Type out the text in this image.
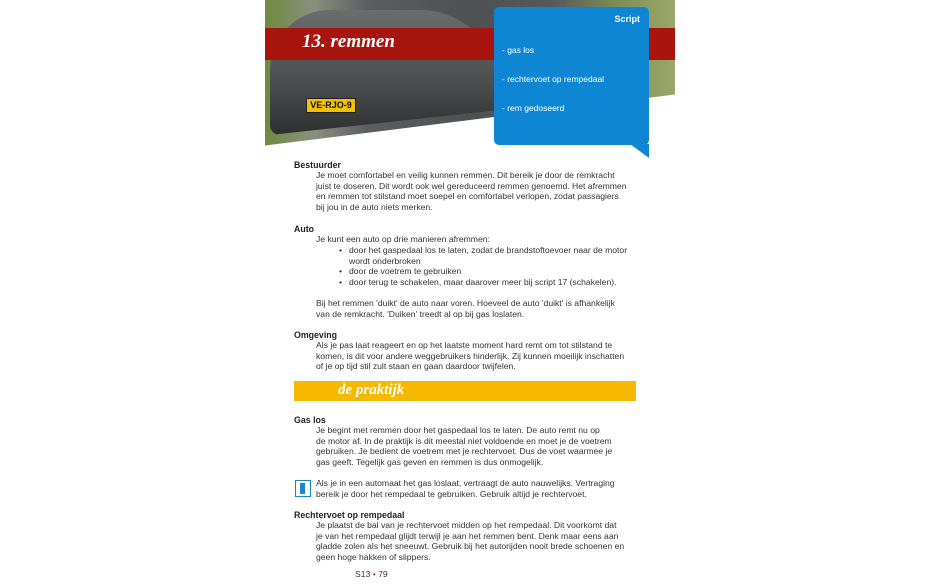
VE-RJO-9
13. remmen
Script
- gas los
- rechtervoet op rempedaal
- rem gedoseerd
Bestuurder
Je moet comfortabel en veilig kunnen remmen. Dit bereik je door de remkracht
juist te doseren. Dit wordt ook wel gereduceerd remmen genoemd. Het afremmen
en remmen tot stilstand moet soepel en comfortabel verlopen, zodat passagiers
bij jou in de auto niets merken.
Auto
Je kunt een auto op drie manieren afremmen:
• door het gaspedaal los te laten, zodat de brandstoftoevoer naar de motor
wordt onderbroken
• door de voetrem te gebruiken
• door terug te schakelen, maar daarover meer bij script 17 (schakelen).
Bij het remmen 'duikt' de auto naar voren. Hoeveel de auto 'duikt' is afhankelijk
van de remkracht. 'Duiken' treedt al op bij gas loslaten.
Omgeving
Als je pas laat reageert en op het laatste moment hard remt om tot stilstand te
komen, is dit voor andere weggebruikers hinderlijk. Zij kunnen moeilijk inschatten
of je op tijd stil zult staan en gaan daardoor twijfelen.
de praktijk
Gas los
Je begint met remmen door het gaspedaal los te laten. De auto remt nu op
de motor af. In de praktijk is dit meestal niet voldoende en moet je de voetrem
gebruiken. Je bedient de voetrem met je rechtervoet. Dus de voet waarmee je
gas geeft. Tegelijk gas geven en remmen is dus onmogelijk.
Als je in een automaat het gas loslaat, vertraagt de auto nauwelijks. Vertraging
bereik je door het rempedaal te gebruiken. Gebruik altijd je rechtervoet.
Rechtervoet op rempedaal
Je plaatst de bal van je rechtervoet midden op het rempedaal. Dit voorkomt dat
je van het rempedaal glijdt terwijl je aan het remmen bent. Denk maar eens aan
gladde zolen als het sneeuwt. Gebruik bij het autorijden nooit brede schoenen en
geen hoge hakken of slippers.
S13 • 79
